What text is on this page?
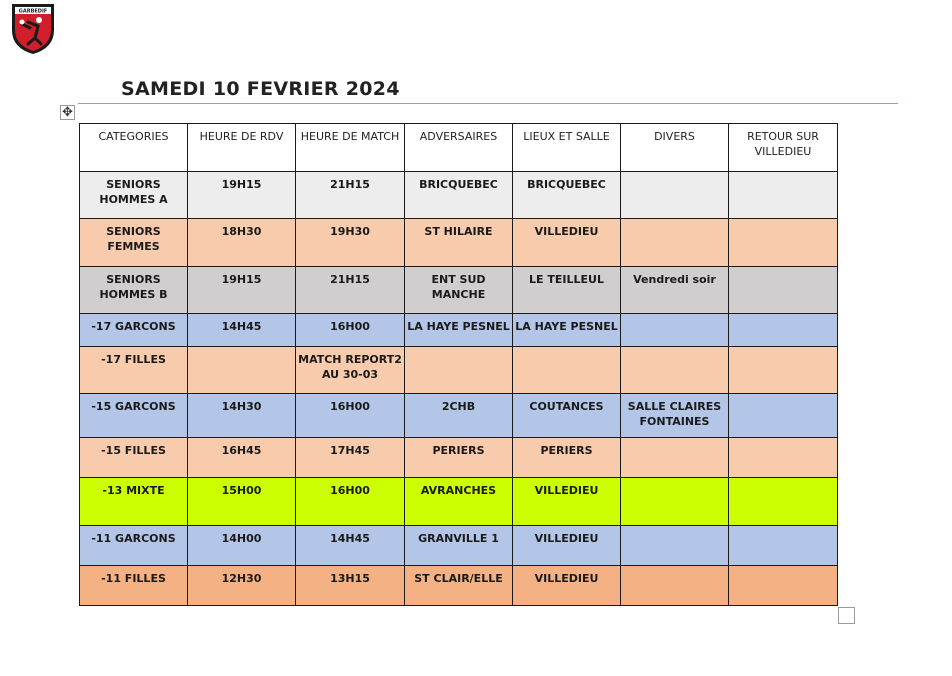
GARBEDIF
SAMEDI 10 FEVRIER 2024
✥
CATEGORIES	HEURE DE RDV	HEURE DE MATCH	ADVERSAIRES	LIEUX ET SALLE	DIVERS	RETOUR SUR VILLEDIEU
SENIORS HOMMES A	19H15	21H15	BRICQUEBEC	BRICQUEBEC		
SENIORS FEMMES	18H30	19H30	ST HILAIRE	VILLEDIEU		
SENIORS HOMMES B	19H15	21H15	ENT SUD MANCHE	LE TEILLEUL	Vendredi soir	
-17 GARCONS	14H45	16H00	LA HAYE PESNEL	LA HAYE PESNEL		
-17 FILLES		MATCH REPORT2 AU 30-03				
-15 GARCONS	14H30	16H00	2CHB	COUTANCES	SALLE CLAIRES FONTAINES	
-15 FILLES	16H45	17H45	PERIERS	PERIERS		
-13 MIXTE	15H00	16H00	AVRANCHES	VILLEDIEU		
-11 GARCONS	14H00	14H45	GRANVILLE 1	VILLEDIEU		
-11 FILLES	12H30	13H15	ST CLAIR/ELLE	VILLEDIEU		
